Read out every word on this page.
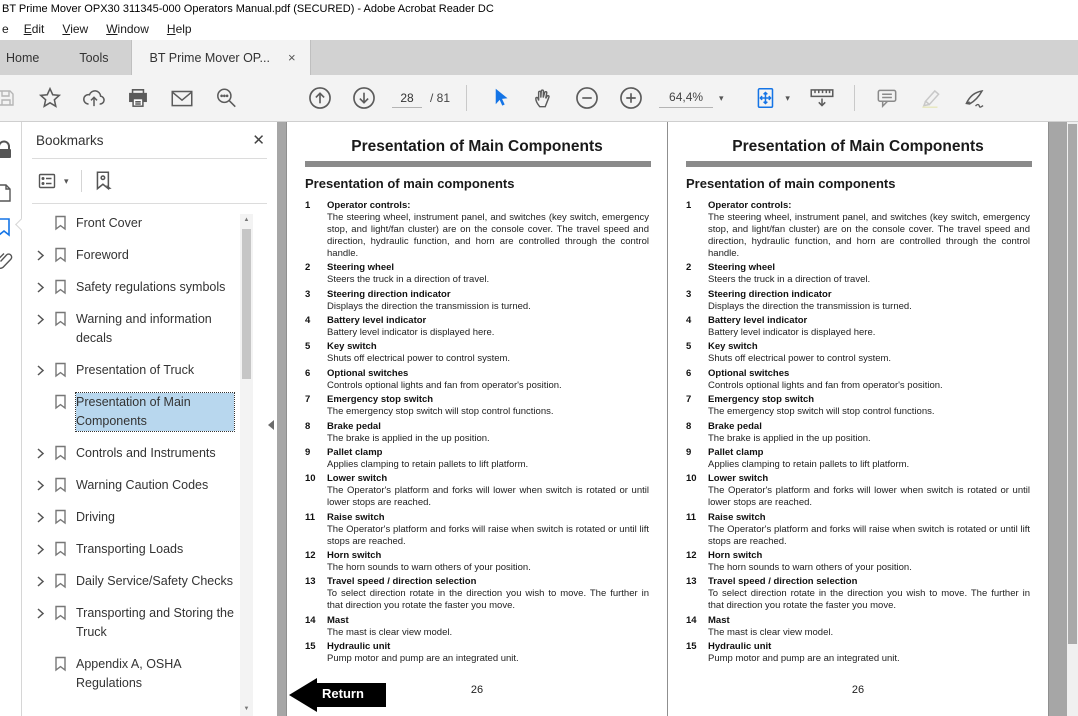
BT Prime Mover OPX30 311345-000 Operators Manual.pdf (SECURED) - Adobe Acrobat Reader DC
e	Edit	View	Window	Help
Home	Tools	BT Prime Mover OP...	×
28
/ 81	64,4%	▾	▾
Bookmarks	✕
▾
Front Cover
Foreword
Safety regulations symbols
Warning and information decals
Presentation of Truck
Presentation of Main Components
Controls and Instruments
Warning Caution Codes
Driving
Transporting Loads
Daily Service/Safety Checks
Transporting and Storing the Truck
Appendix A, OSHA Regulations
▲
▼
Presentation of Main Components
Presentation of main components
1	Operator controls:
The steering wheel, instrument panel, and switches (key switch, emergency stop, and light/fan cluster) are on the console cover. The travel speed and direction, hydraulic function, and horn are controlled through the control handle.
2	Steering wheel
Steers the truck in a direction of travel.
3	Steering direction indicator
Displays the direction the transmission is turned.
4	Battery level indicator
Battery level indicator is displayed here.
5	Key switch
Shuts off electrical power to control system.
6	Optional switches
Controls optional lights and fan from operator's position.
7	Emergency stop switch
The emergency stop switch will stop control functions.
8	Brake pedal
The brake is applied in the up position.
9	Pallet clamp
Applies clamping to retain pallets to lift platform.
10	Lower switch
The Operator's platform and forks will lower when switch is rotated or until lower stops are reached.
11	Raise switch
The Operator's platform and forks will raise when switch is rotated or until lift stops are reached.
12	Horn switch
The horn sounds to warn others of your position.
13	Travel speed / direction selection
To select direction rotate in the direction you wish to move. The further in that direction you rotate the faster you move.
14	Mast
The mast is clear view model.
15	Hydraulic unit
Pump motor and pump are an integrated unit.
26
Return
Presentation of Main Components
Presentation of main components
1	Operator controls:
The steering wheel, instrument panel, and switches (key switch, emergency stop, and light/fan cluster) are on the console cover. The travel speed and direction, hydraulic function, and horn are controlled through the control handle.
2	Steering wheel
Steers the truck in a direction of travel.
3	Steering direction indicator
Displays the direction the transmission is turned.
4	Battery level indicator
Battery level indicator is displayed here.
5	Key switch
Shuts off electrical power to control system.
6	Optional switches
Controls optional lights and fan from operator's position.
7	Emergency stop switch
The emergency stop switch will stop control functions.
8	Brake pedal
The brake is applied in the up position.
9	Pallet clamp
Applies clamping to retain pallets to lift platform.
10	Lower switch
The Operator's platform and forks will lower when switch is rotated or until lower stops are reached.
11	Raise switch
The Operator's platform and forks will raise when switch is rotated or until lift stops are reached.
12	Horn switch
The horn sounds to warn others of your position.
13	Travel speed / direction selection
To select direction rotate in the direction you wish to move. The further in that direction you rotate the faster you move.
14	Mast
The mast is clear view model.
15	Hydraulic unit
Pump motor and pump are an integrated unit.
26
